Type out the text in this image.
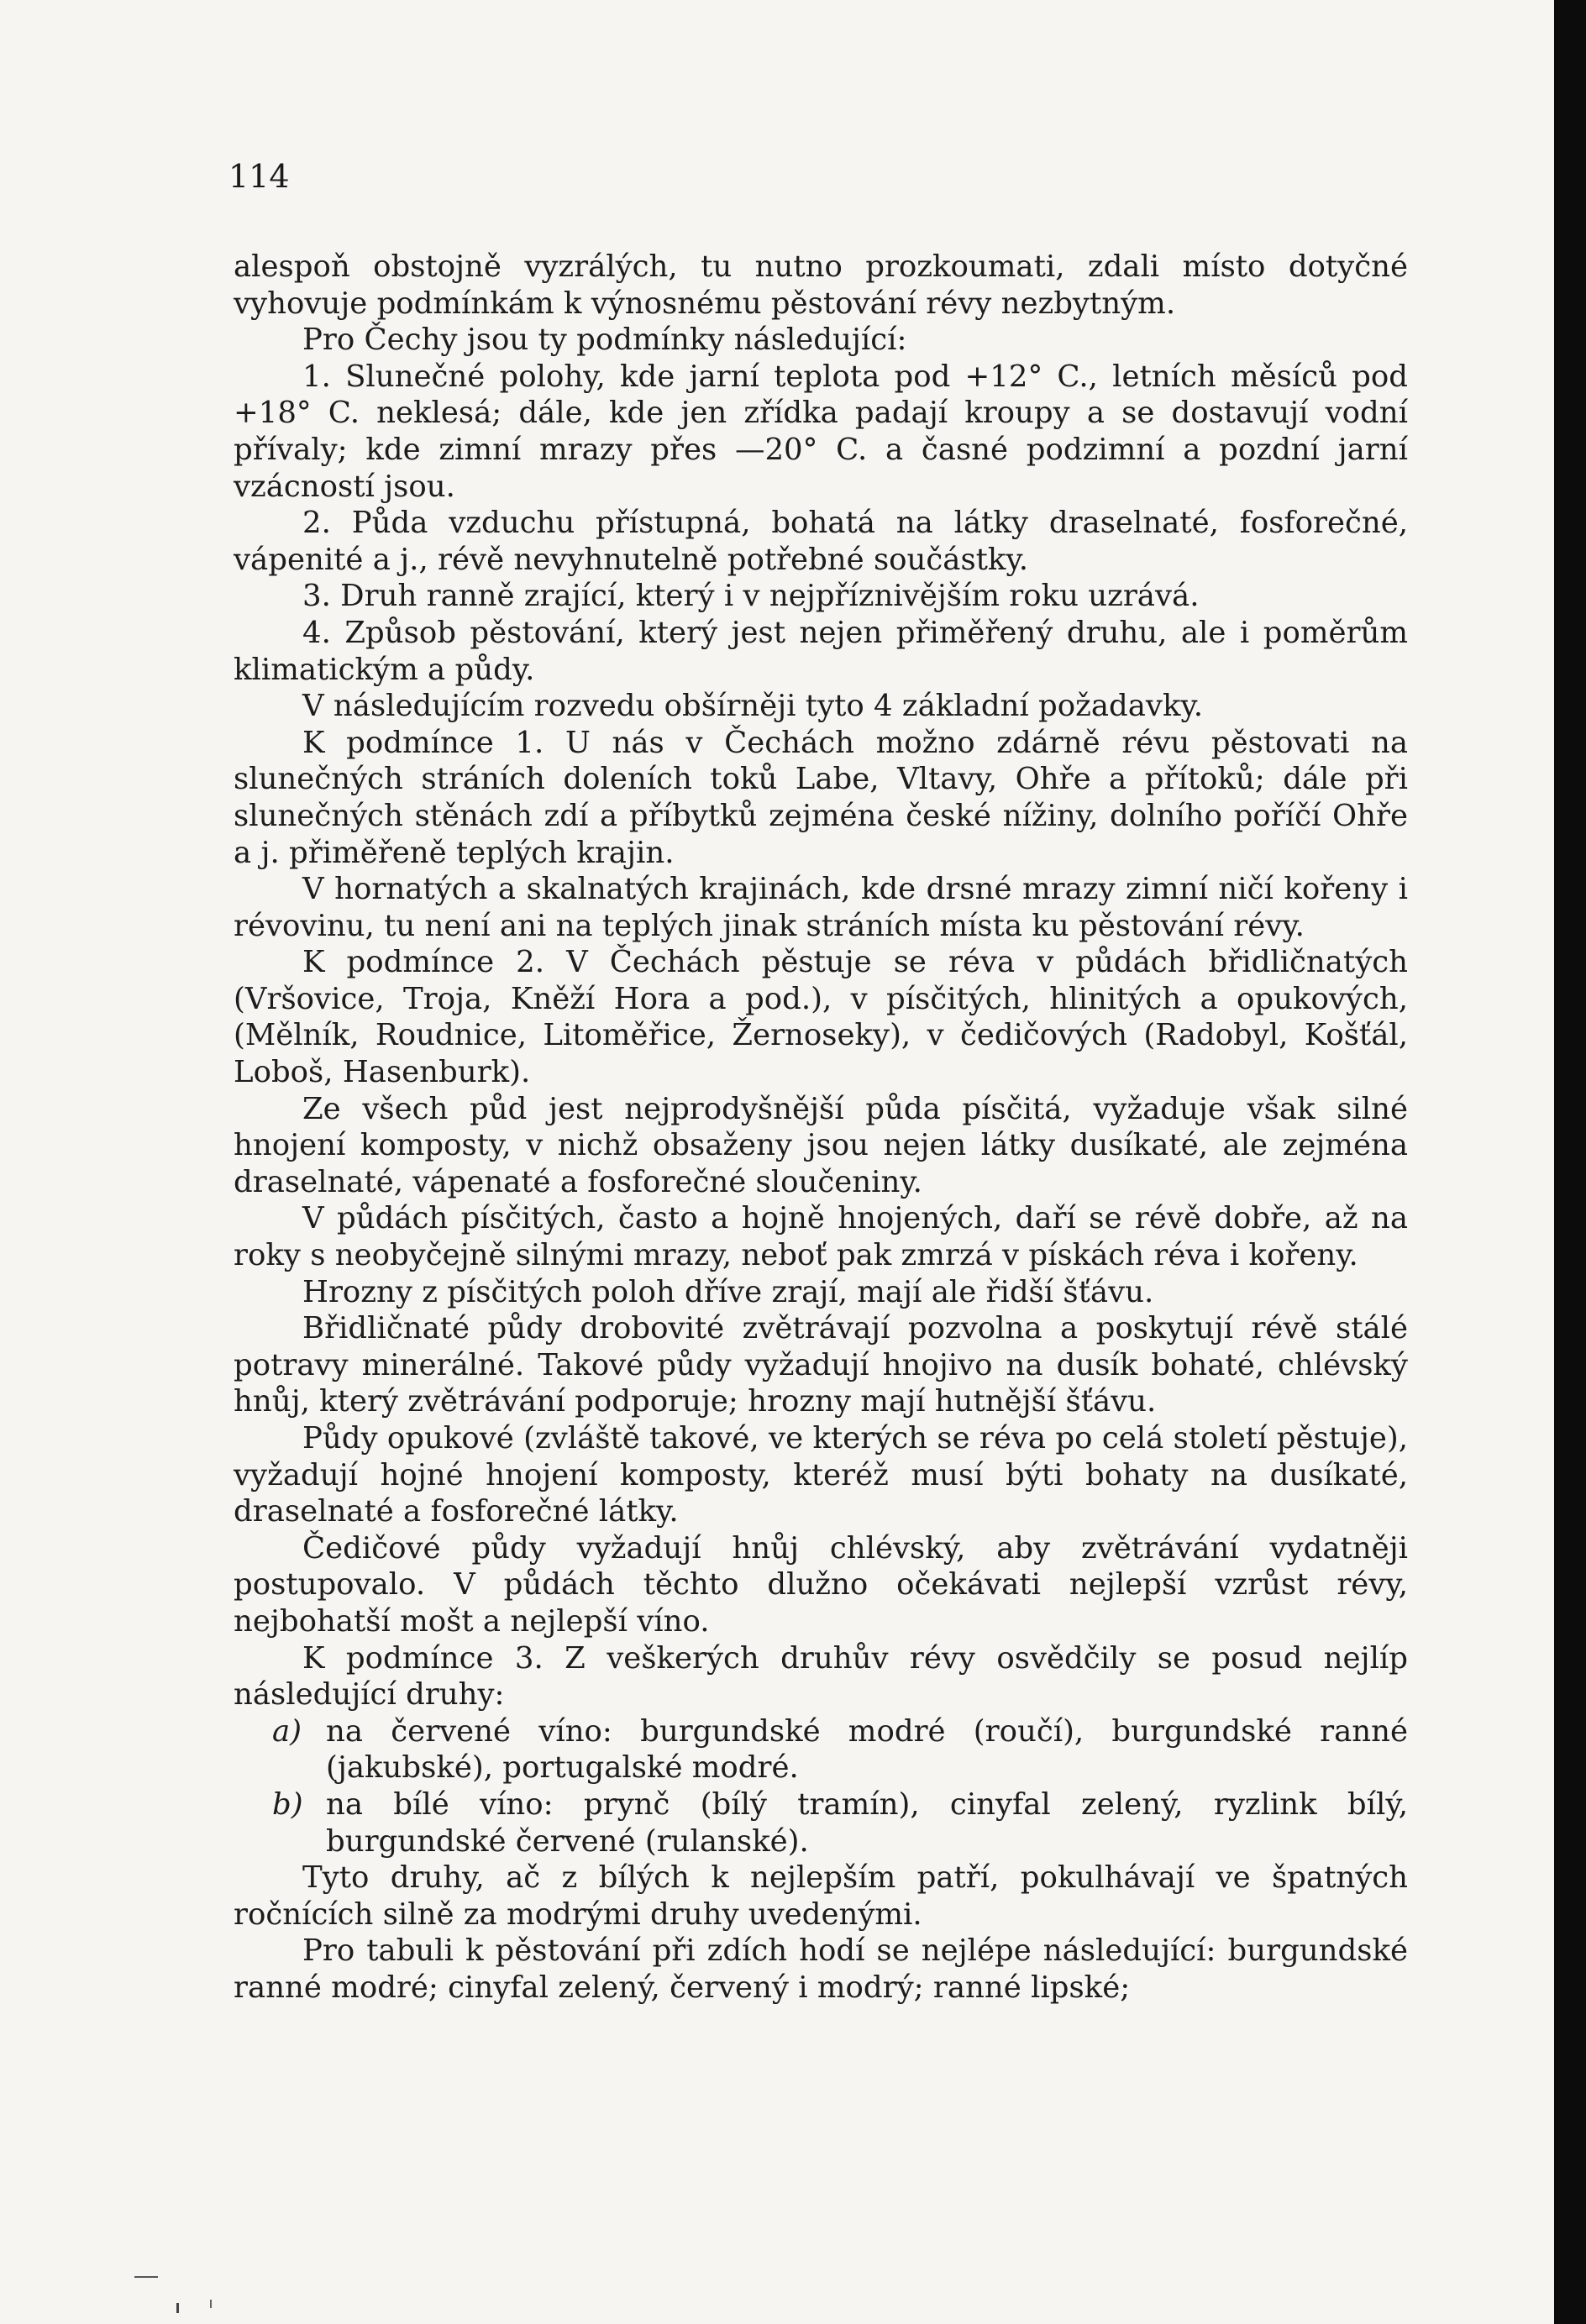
114

alespoň obstojně vyzrálých, tu nutno prozkoumati, zdali místo dotyčné vyhovuje podmínkám k výnosnému pěstování révy nezbytným.

Pro Čechy jsou ty podmínky následující:

1. Slunečné polohy, kde jarní teplota pod +12° C., letních měsíců pod +18° C. neklesá; dále, kde jen zřídka padají kroupy a se dostavují vodní přívaly; kde zimní mrazy přes —20° C. a časné podzimní a pozdní jarní vzácností jsou.

2. Půda vzduchu přístupná, bohatá na látky draselnaté, fosforečné, vápenité a j., révě nevyhnutelně potřebné součástky.

3. Druh ranně zrající, který i v nejpříznivějším roku uzrává.

4. Způsob pěstování, který jest nejen přiměřený druhu, ale i poměrům klimatickým a půdy.

V následujícím rozvedu obšírněji tyto 4 základní požadavky.

K podmínce 1. U nás v Čechách možno zdárně révu pěstovati na slunečných stráních doleních toků Labe, Vltavy, Ohře a přítoků; dále při slunečných stěnách zdí a příbytků zejména české nížiny, dolního poříčí Ohře a j. přiměřeně teplých krajin.

V hornatých a skalnatých krajinách, kde drsné mrazy zimní ničí kořeny i révovinu, tu není ani na teplých jinak stráních místa ku pěstování révy.

K podmínce 2. V Čechách pěstuje se réva v půdách břidličnatých (Vršovice, Troja, Kněží Hora a pod.), v písčitých, hlinitých a opukových, (Mělník, Roudnice, Litoměřice, Žernoseky), v čedičových (Radobyl, Košťál, Loboš, Hasenburk).

Ze všech půd jest nejprodyšnější půda písčitá, vyžaduje však silné hnojení komposty, v nichž obsaženy jsou nejen látky dusíkaté, ale zejména draselnaté, vápenaté a fosforečné sloučeniny.

V půdách písčitých, často a hojně hnojených, daří se révě dobře, až na roky s neobyčejně silnými mrazy, neboť pak zmrzá v pískách réva i kořeny.

Hrozny z písčitých poloh dříve zrají, mají ale řidší šťávu.

Břidličnaté půdy drobovité zvětrávají pozvolna a poskytují révě stálé potravy minerálné. Takové půdy vyžadují hnojivo na dusík bohaté, chlévský hnůj, který zvětrávání podporuje; hrozny mají hutnější šťávu.

Půdy opukové (zvláště takové, ve kterých se réva po celá století pěstuje), vyžadují hojné hnojení komposty, kteréž musí býti bohaty na dusíkaté, draselnaté a fosforečné látky.

Čedičové půdy vyžadují hnůj chlévský, aby zvětrávání vydatněji postupovalo. V půdách těchto dlužno očekávati nejlepší vzrůst révy, nejbohatší mošt a nejlepší víno.

K podmínce 3. Z veškerých druhův révy osvědčily se posud nejlíp následující druhy:

a) na červené víno: burgundské modré (roučí), burgundské ranné (jakubské), portugalské modré.

b) na bílé víno: prynč (bílý tramín), cinyfal zelený, ryzlink bílý, burgundské červené (rulanské).

Tyto druhy, ač z bílých k nejlepším patří, pokulhávají ve špatných ročnících silně za modrými druhy uvedenými.

Pro tabuli k pěstování při zdích hodí se nejlépe následující: burgundské ranné modré; cinyfal zelený, červený i modrý; ranné lipské;
